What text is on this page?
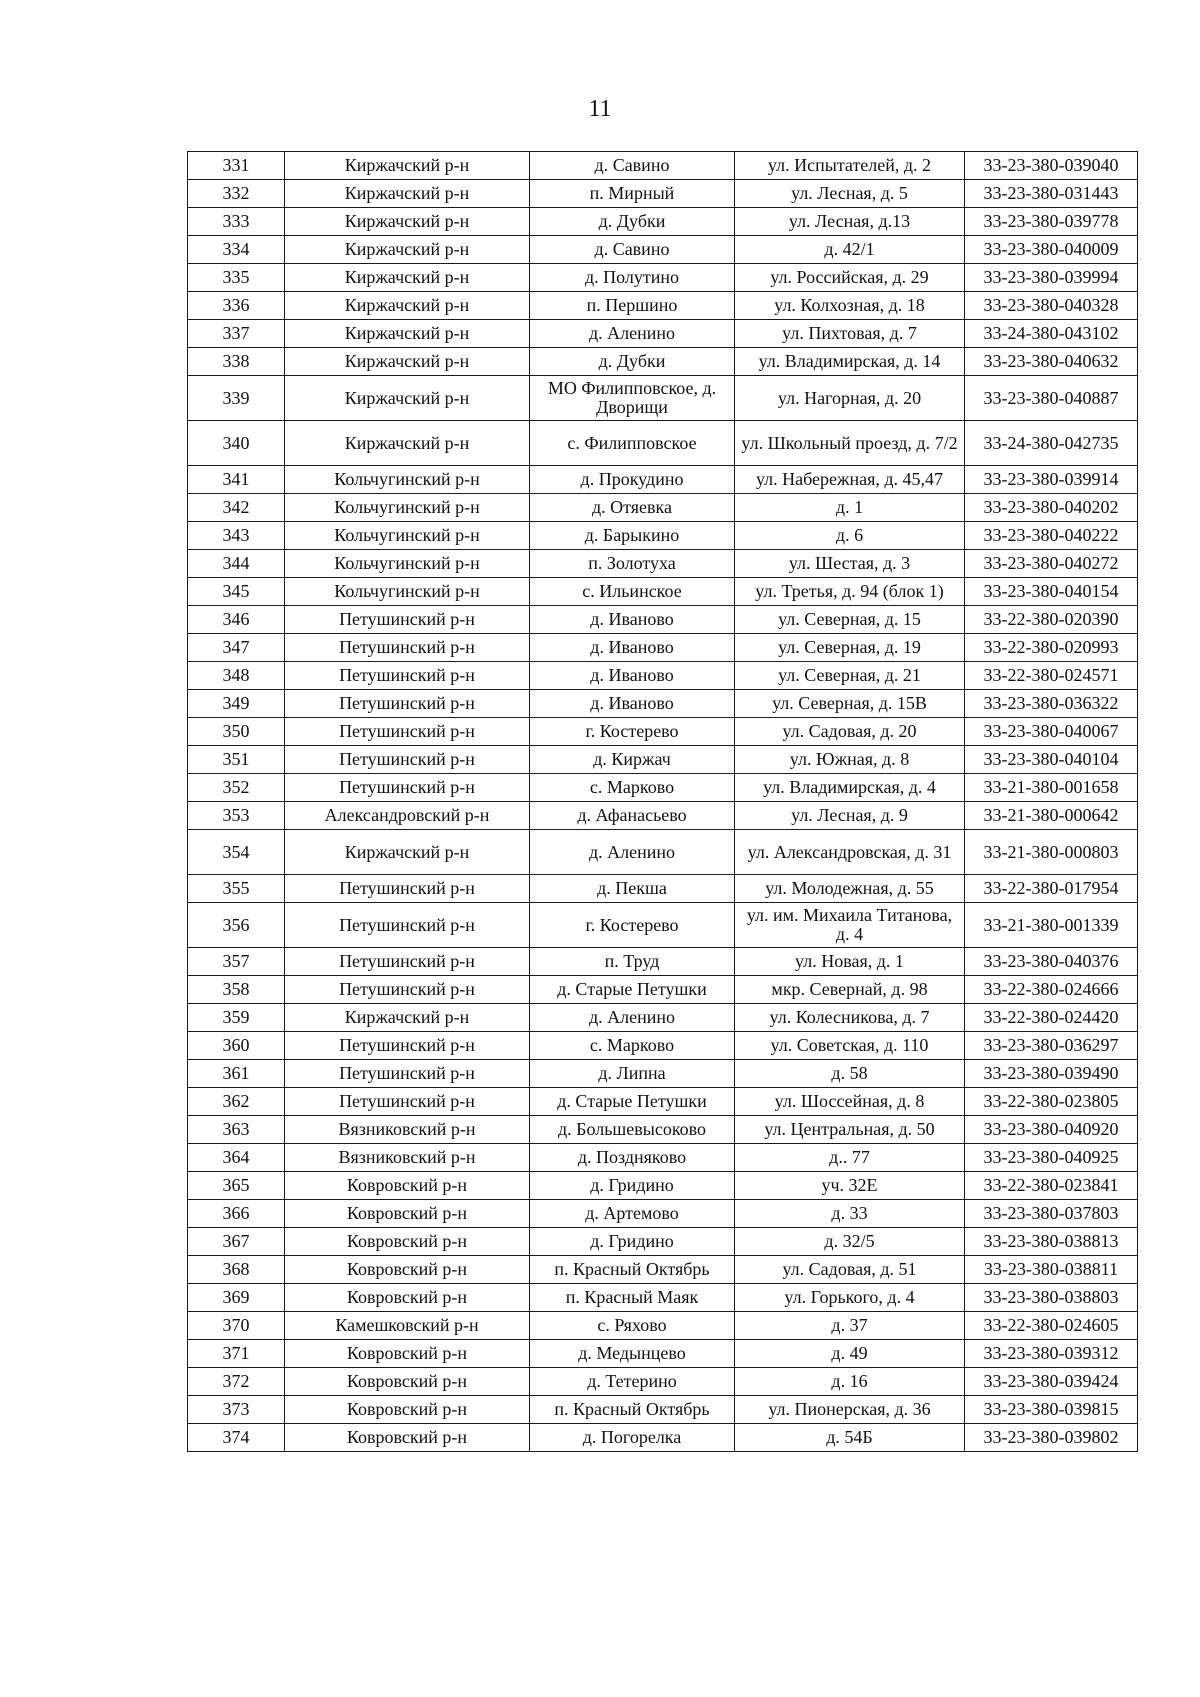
11
331	Киржачский р-н	д. Савино	ул. Испытателей, д. 2	33-23-380-039040
332	Киржачский р-н	п. Мирный	ул. Лесная, д. 5	33-23-380-031443
333	Киржачский р-н	д. Дубки	ул. Лесная, д.13	33-23-380-039778
334	Киржачский р-н	д. Савино	д. 42/1	33-23-380-040009
335	Киржачский р-н	д. Полутино	ул. Российская, д. 29	33-23-380-039994
336	Киржачский р-н	п. Першино	ул. Колхозная, д. 18	33-23-380-040328
337	Киржачский р-н	д. Аленино	ул. Пихтовая, д. 7	33-24-380-043102
338	Киржачский р-н	д. Дубки	ул. Владимирская, д. 14	33-23-380-040632
339	Киржачский р-н	МО Филипповское, д. Дворищи	ул. Нагорная, д. 20	33-23-380-040887
340	Киржачский р-н	с. Филипповское	ул. Школьный проезд, д. 7/2	33-24-380-042735
341	Кольчугинский р-н	д. Прокудино	ул. Набережная, д. 45,47	33-23-380-039914
342	Кольчугинский р-н	д. Отяевка	д. 1	33-23-380-040202
343	Кольчугинский р-н	д. Барыкино	д. 6	33-23-380-040222
344	Кольчугинский р-н	п. Золотуха	ул. Шестая, д. 3	33-23-380-040272
345	Кольчугинский р-н	с. Ильинское	ул. Третья, д. 94 (блок 1)	33-23-380-040154
346	Петушинский р-н	д. Иваново	ул. Северная, д. 15	33-22-380-020390
347	Петушинский р-н	д. Иваново	ул. Северная, д. 19	33-22-380-020993
348	Петушинский р-н	д. Иваново	ул. Северная, д. 21	33-22-380-024571
349	Петушинский р-н	д. Иваново	ул. Северная, д. 15В	33-23-380-036322
350	Петушинский р-н	г. Костерево	ул. Садовая, д. 20	33-23-380-040067
351	Петушинский р-н	д. Киржач	ул. Южная, д. 8	33-23-380-040104
352	Петушинский р-н	с. Марково	ул. Владимирская, д. 4	33-21-380-001658
353	Александровский р-н	д. Афанасьево	ул. Лесная, д. 9	33-21-380-000642
354	Киржачский р-н	д. Аленино	ул. Александровская, д. 31	33-21-380-000803
355	Петушинский р-н	д. Пекша	ул. Молодежная, д. 55	33-22-380-017954
356	Петушинский р-н	г. Костерево	ул. им. Михаила Титанова, д. 4	33-21-380-001339
357	Петушинский р-н	п. Труд	ул. Новая, д. 1	33-23-380-040376
358	Петушинский р-н	д. Старые Петушки	мкр. Севернай, д. 98	33-22-380-024666
359	Киржачский р-н	д. Аленино	ул. Колесникова, д. 7	33-22-380-024420
360	Петушинский р-н	с. Марково	ул. Советская, д. 110	33-23-380-036297
361	Петушинский р-н	д. Липна	д. 58	33-23-380-039490
362	Петушинский р-н	д. Старые Петушки	ул. Шоссейная, д. 8	33-22-380-023805
363	Вязниковский р-н	д. Большевысоково	ул. Центральная, д. 50	33-23-380-040920
364	Вязниковский р-н	д. Поздняково	д.. 77	33-23-380-040925
365	Ковровский р-н	д. Гридино	уч. 32Е	33-22-380-023841
366	Ковровский р-н	д. Артемово	д. 33	33-23-380-037803
367	Ковровский р-н	д. Гридино	д. 32/5	33-23-380-038813
368	Ковровский р-н	п. Красный Октябрь	ул. Садовая, д. 51	33-23-380-038811
369	Ковровский р-н	п. Красный Маяк	ул. Горького, д. 4	33-23-380-038803
370	Камешковский р-н	с. Ряхово	д. 37	33-22-380-024605
371	Ковровский р-н	д. Медынцево	д. 49	33-23-380-039312
372	Ковровский р-н	д. Тетерино	д. 16	33-23-380-039424
373	Ковровский р-н	п. Красный Октябрь	ул. Пионерская, д. 36	33-23-380-039815
374	Ковровский р-н	д. Погорелка	д. 54Б	33-23-380-039802
